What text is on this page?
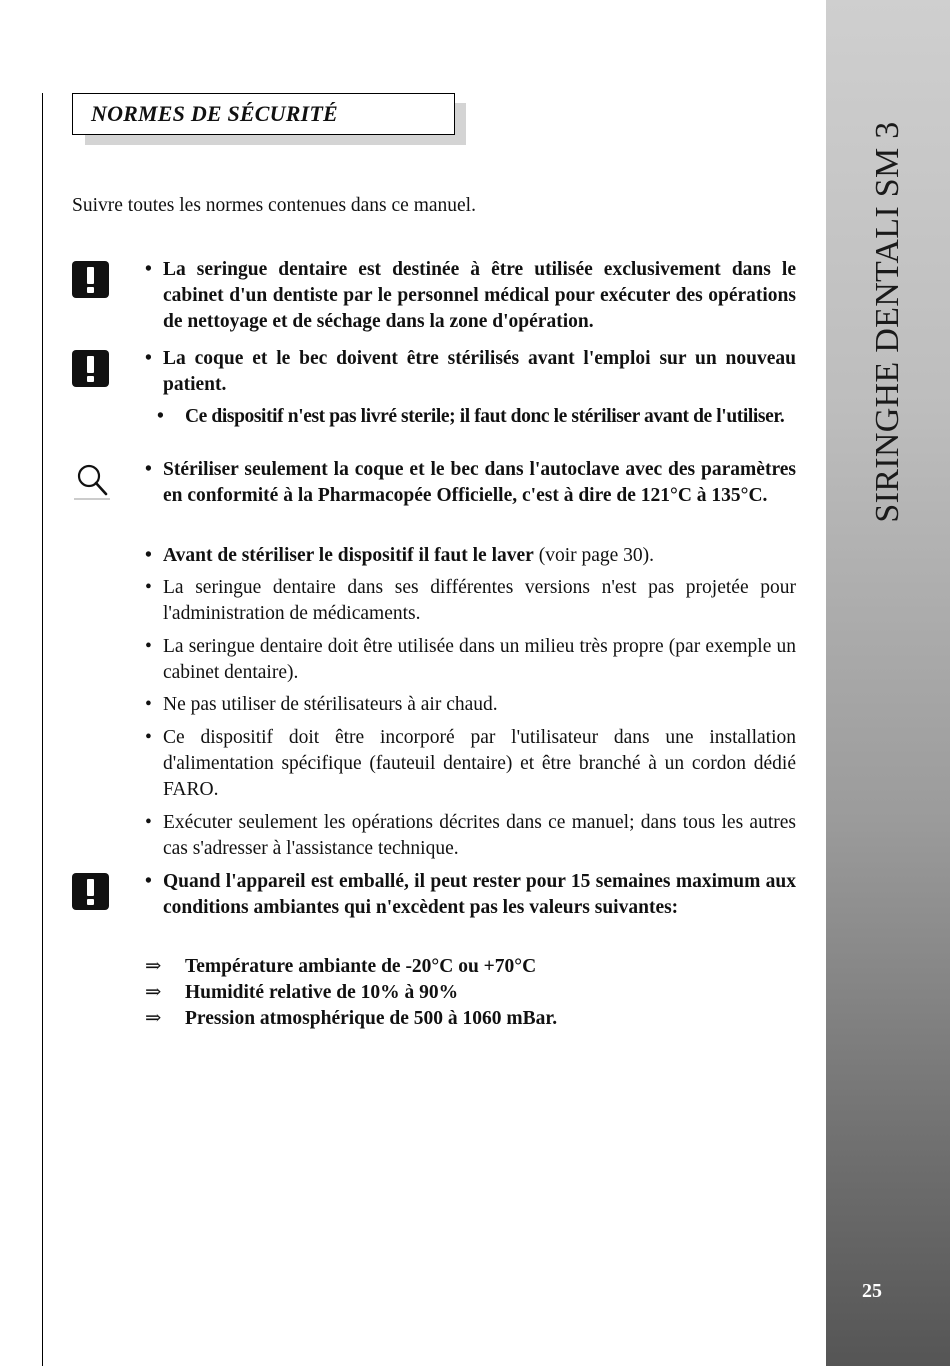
NORMES DE SÉCURITÉ
SIRINGHE DENTALI SM 3
25
Suivre toutes les normes contenues dans ce manuel.
• La seringue dentaire est destinée à être utilisée exclusivement dans le cabinet d'un dentiste par le personnel médical pour exécuter des opérations de nettoyage et de séchage dans la zone d'opération.
• La coque et le bec doivent être stérilisés avant l'emploi sur un nouveau patient.
• Ce dispositif n'est pas livré sterile; il faut donc le stériliser avant de l'utiliser.
• Stériliser seulement la coque et le bec dans l'autoclave avec des paramètres en conformité à la Pharmacopée Officielle, c'est à dire de 121°C à 135°C.
• Avant de stériliser le dispositif il faut le laver (voir page 30).
• La seringue dentaire dans ses différentes versions n'est pas projetée pour l'administration de médicaments.
• La seringue dentaire doit être utilisée dans un milieu très propre (par exemple un cabinet dentaire).
• Ne pas utiliser de stérilisateurs à air chaud.
• Ce dispositif doit être incorporé par l'utilisateur dans une installation d'alimentation spécifique (fauteuil dentaire) et être branché à un cordon dédié FARO.
• Exécuter seulement les opérations décrites dans ce manuel; dans tous les autres cas s'adresser à l'assistance technique.
• Quand l'appareil est emballé, il peut rester pour 15 semaines maximum aux conditions ambiantes qui n'excèdent pas les valeurs suivantes:
⇒ Température ambiante de -20°C ou +70°C
⇒ Humidité relative de 10% à 90%
⇒ Pression atmosphérique de 500 à 1060 mBar.
